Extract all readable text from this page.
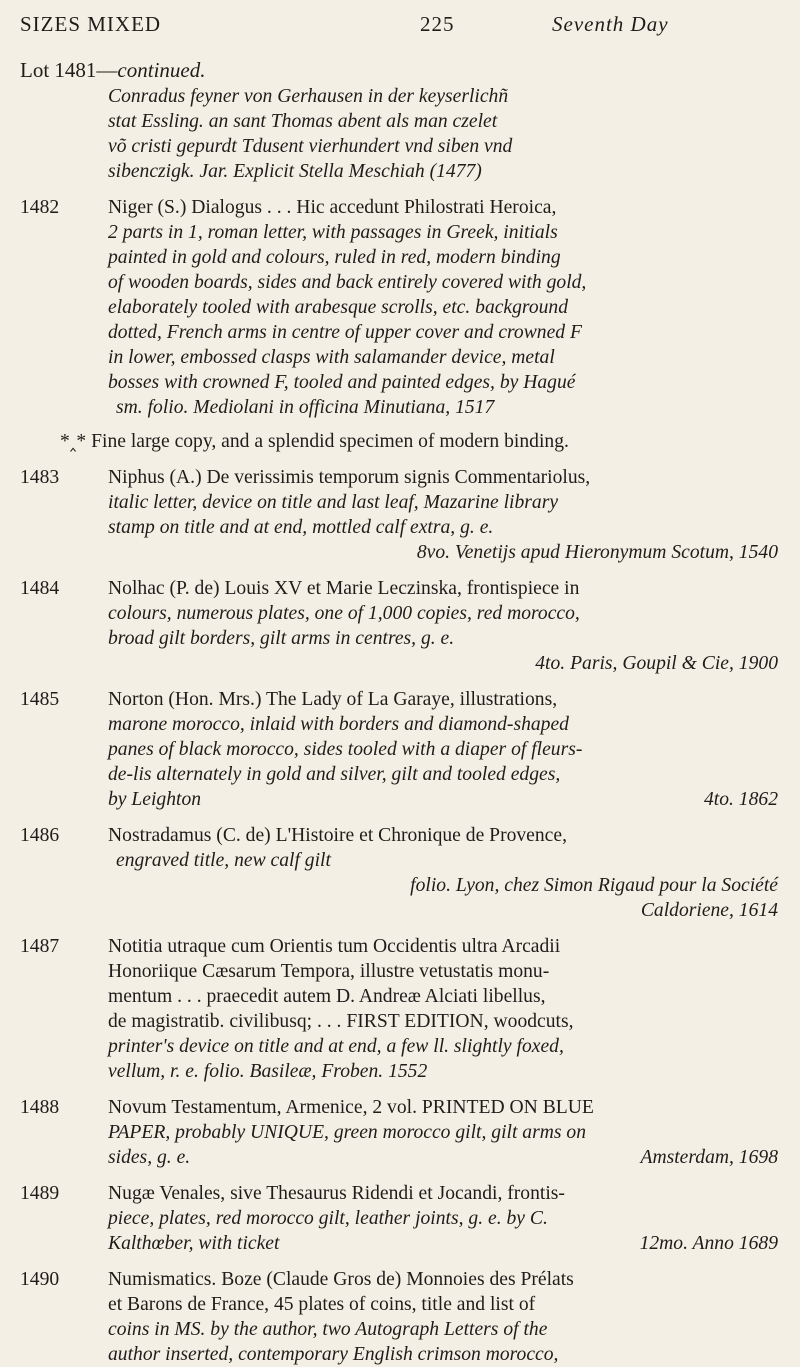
SIZES MIXED	225	Seventh Day
Lot 1481—continued.
Conradus feyner von Gerhausen in der keyserlichñ
stat Essling. an sant Thomas abent als man czelet
võ cristi gepurdt Tdusent vierhundert vnd siben vnd
sibenczigk. Jar. Explicit Stella Meschiah (1477)
1482 Niger (S.) Dialogus . . . Hic accedunt Philostrati Heroica,
2 parts in 1, roman letter, with passages in Greek, initials
painted in gold and colours, ruled in red, modern binding
of wooden boards, sides and back entirely covered with gold,
elaborately tooled with arabesque scrolls, etc. background
dotted, French arms in centre of upper cover and crowned F
in lower, embossed clasps with salamander device, metal
bosses with crowned F, tooled and painted edges, by Hagué
sm. folio. Mediolani in officina Minutiana, 1517
*‸* Fine large copy, and a splendid specimen of modern binding.
1483 Niphus (A.) De verissimis temporum signis Commentariolus,
italic letter, device on title and last leaf, Mazarine library
stamp on title and at end, mottled calf extra, g. e.
8vo. Venetijs apud Hieronymum Scotum, 1540
1484 Nolhac (P. de) Louis XV et Marie Leczinska, frontispiece in
colours, numerous plates, one of 1,000 copies, red morocco,
broad gilt borders, gilt arms in centres, g. e.
4to. Paris, Goupil & Cie, 1900
1485 Norton (Hon. Mrs.) The Lady of La Garaye, illustrations,
marone morocco, inlaid with borders and diamond-shaped
panes of black morocco, sides tooled with a diaper of fleurs-
de-lis alternately in gold and silver, gilt and tooled edges,
by Leighton	4to. 1862
1486 Nostradamus (C. de) L'Histoire et Chronique de Provence,
engraved title, new calf gilt
folio. Lyon, chez Simon Rigaud pour la Société
Caldoriene, 1614
1487 Notitia utraque cum Orientis tum Occidentis ultra Arcadii
Honoriique Cæsarum Tempora, illustre vetustatis monu-
mentum . . . praecedit autem D. Andreæ Alciati libellus,
de magistratib. civilibusq; . . . FIRST EDITION, woodcuts,
printer's device on title and at end, a few ll. slightly foxed,
vellum, r. e. folio. Basileæ, Froben. 1552
1488 Novum Testamentum, Armenice, 2 vol. PRINTED ON BLUE
PAPER, probably UNIQUE, green morocco gilt, gilt arms on
sides, g. e.	Amsterdam, 1698
1489 Nugæ Venales, sive Thesaurus Ridendi et Jocandi, frontis-
piece, plates, red morocco gilt, leather joints, g. e. by C.
Kalthœber, with ticket	12mo. Anno 1689
1490 Numismatics. Boze (Claude Gros de) Monnoies des Prélats
et Barons de France, 45 plates of coins, title and list of
coins in MS. by the author, two Autograph Letters of the
author inserted, contemporary English crimson morocco,
